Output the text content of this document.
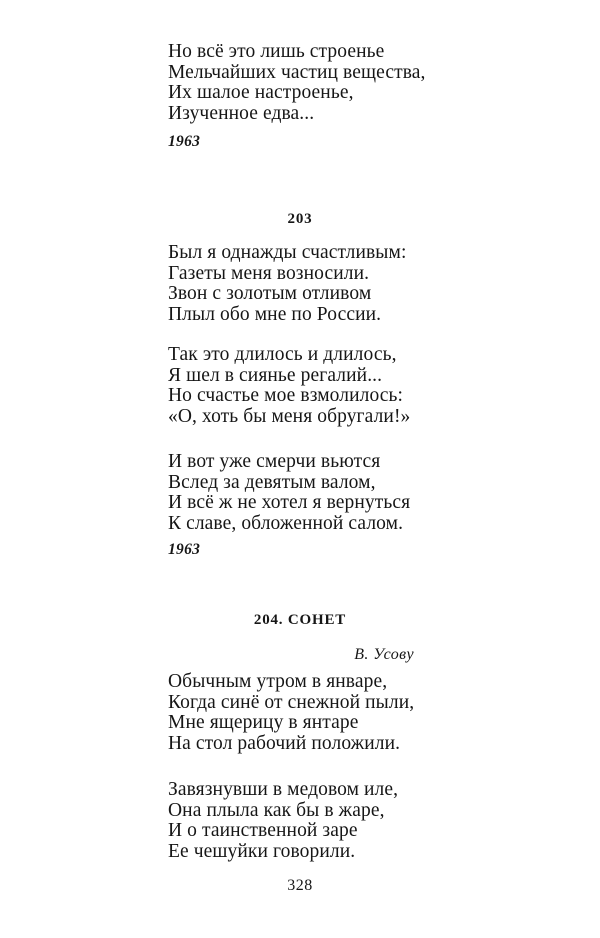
Но всё это лишь строенье
Мельчайших частиц вещества,
Их шалое настроенье,
Изученное едва...
1963
203
Был я однажды счастливым:
Газеты меня возносили.
Звон с золотым отливом
Плыл обо мне по России.
Так это длилось и длилось,
Я шел в сиянье регалий...
Но счастье мое взмолилось:
«О, хоть бы меня обругали!»
И вот уже смерчи вьются
Вслед за девятым валом,
И всё ж не хотел я вернуться
К славе, обложенной салом.
1963
204. СОНЕТ
В. Усову
Обычным утром в январе,
Когда синё от снежной пыли,
Мне ящерицу в янтаре
На стол рабочий положили.
Завязнувши в медовом иле,
Она плыла как бы в жаре,
И о таинственной заре
Ее чешуйки говорили.
328
